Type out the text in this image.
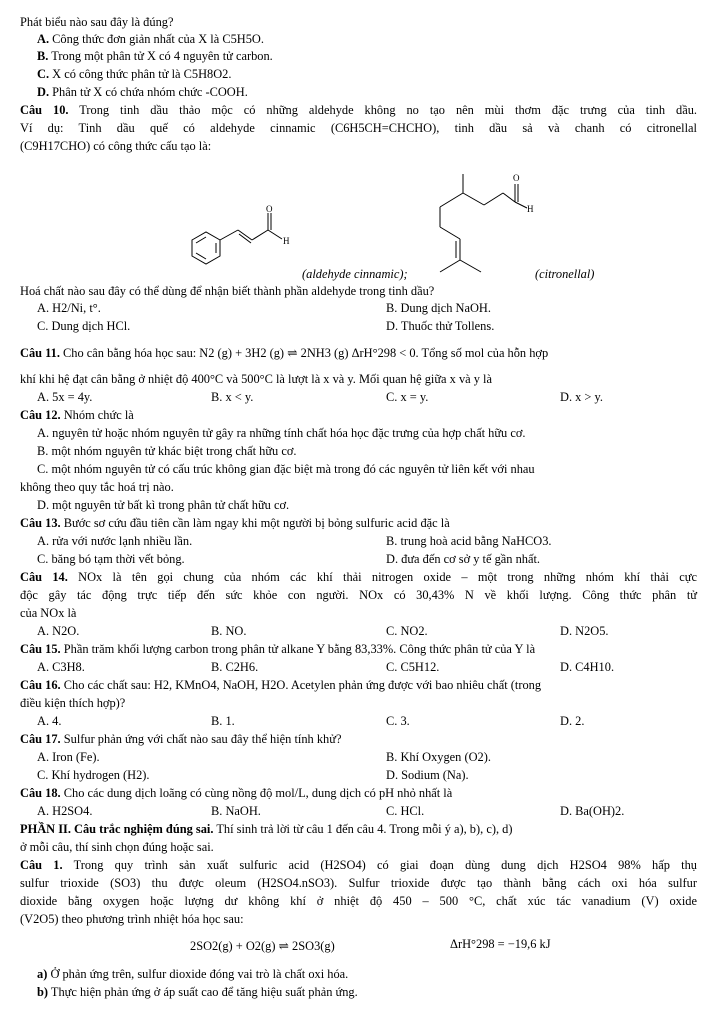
Phát biểu nào sau đây là đúng?
A. Công thức đơn giản nhất của X là C5H5O.
B. Trong một phân tử X có 4 nguyên tử carbon.
C. X có công thức phân tử là C5H8O2.
D. Phân tử X có chứa nhóm chức -COOH.
Câu 10. Trong tinh dầu thảo mộc có những aldehyde không no tạo nên mùi thơm đặc trưng của tinh dầu.
Ví dụ: Tinh dầu quế có aldehyde cinnamic (C6H5CH=CHCHO), tinh dầu sả và chanh có citronellal
(C9H17CHO) có công thức cấu tạo là:
O
H
O
H
(aldehyde cinnamic);	(citronellal)
Hoá chất nào sau đây có thể dùng để nhận biết thành phần aldehyde trong tinh dầu?
A. H2/Ni, t°.	B. Dung dịch NaOH.
C. Dung dịch HCl.	D. Thuốc thử Tollens.
Câu 11. Cho cân bằng hóa học sau: N2 (g) + 3H2 (g) ⇌ 2NH3 (g) ΔrH°298 < 0. Tổng số mol của hỗn hợp
khí khi hệ đạt cân bằng ở nhiệt độ 400°C và 500°C là lượt là x và y. Mối quan hệ giữa x và y là
A. 5x = 4y.	B. x < y.	C. x = y.	D. x > y.
Câu 12. Nhóm chức là
A. nguyên tử hoặc nhóm nguyên tử gây ra những tính chất hóa học đặc trưng của hợp chất hữu cơ.
B. một nhóm nguyên tử khác biệt trong chất hữu cơ.
C. một nhóm nguyên tử có cấu trúc không gian đặc biệt mà trong đó các nguyên tử liên kết với nhau
không theo quy tắc hoá trị nào.
D. một nguyên tử bất kì trong phân tử chất hữu cơ.
Câu 13. Bước sơ cứu đầu tiên cần làm ngay khi một người bị bỏng sulfuric acid đặc là
A. rửa với nước lạnh nhiều lần.	B. trung hoà acid bằng NaHCO3.
C. băng bó tạm thời vết bỏng.	D. đưa đến cơ sở y tế gần nhất.
Câu 14. NOx là tên gọi chung của nhóm các khí thải nitrogen oxide – một trong những nhóm khí thải cực
độc gây tác động trực tiếp đến sức khỏe con người. NOx có 30,43% N về khối lượng. Công thức phân tử
của NOx là
A. N2O.	B. NO.	C. NO2.	D. N2O5.
Câu 15. Phần trăm khối lượng carbon trong phân tử alkane Y bằng 83,33%. Công thức phân tử của Y là
A. C3H8.	B. C2H6.	C. C5H12.	D. C4H10.
Câu 16. Cho các chất sau: H2, KMnO4, NaOH, H2O. Acetylen phản ứng được với bao nhiêu chất (trong
điều kiện thích hợp)?
A. 4.	B. 1.	C. 3.	D. 2.
Câu 17. Sulfur phản ứng với chất nào sau đây thể hiện tính khử?
A. Iron (Fe).	B. Khí Oxygen (O2).
C. Khí hydrogen (H2).	D. Sodium (Na).
Câu 18. Cho các dung dịch loãng có cùng nồng độ mol/L, dung dịch có pH nhỏ nhất là
A. H2SO4.	B. NaOH.	C. HCl.	D. Ba(OH)2.
PHẦN II. Câu trắc nghiệm đúng sai. Thí sinh trả lời từ câu 1 đến câu 4. Trong mỗi ý a), b), c), d)
ở mỗi câu, thí sinh chọn đúng hoặc sai.
Câu 1. Trong quy trình sản xuất sulfuric acid (H2SO4) có giai đoạn dùng dung dịch H2SO4 98% hấp thụ
sulfur trioxide (SO3) thu được oleum (H2SO4.nSO3). Sulfur trioxide được tạo thành bằng cách oxi hóa sulfur
dioxide bằng oxygen hoặc lượng dư không khí ở nhiệt độ 450 – 500 °C, chất xúc tác vanadium (V) oxide
(V2O5) theo phương trình nhiệt hóa học sau:
2SO2(g) + O2(g) ⇌ 2SO3(g)	ΔrH°298 = −19,6 kJ
a) Ở phản ứng trên, sulfur dioxide đóng vai trò là chất oxi hóa.
b) Thực hiện phản ứng ở áp suất cao để tăng hiệu suất phản ứng.
